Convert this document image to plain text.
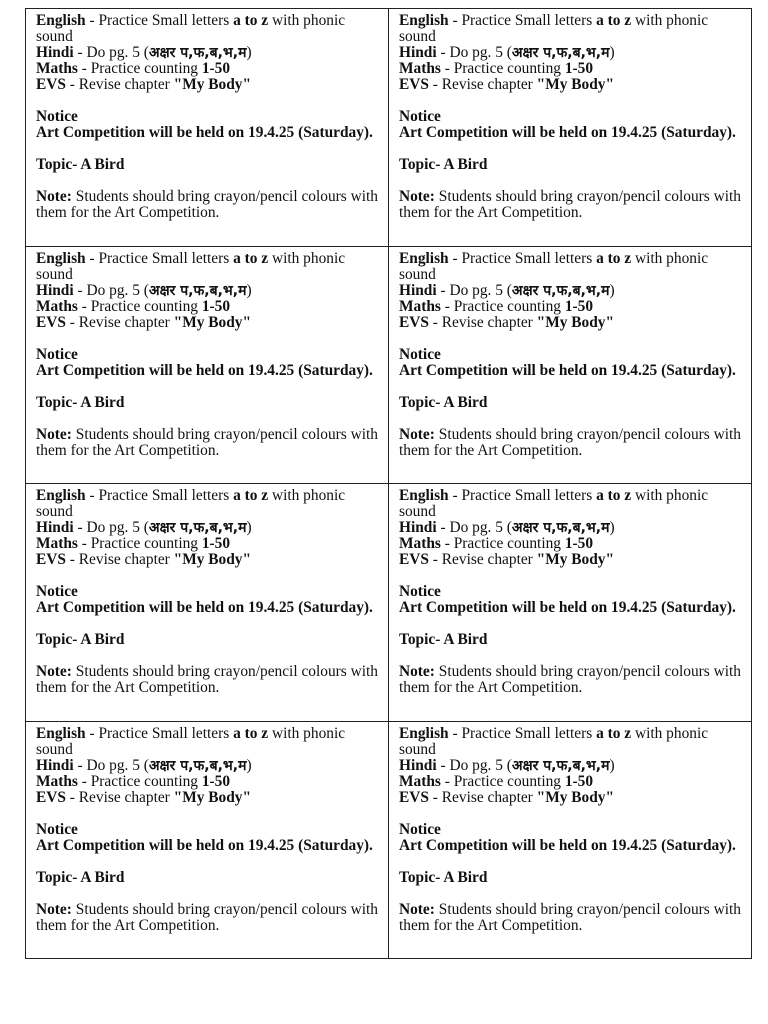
English - Practice Small letters a to z with phonic sound
Hindi - Do pg. 5 (अक्षर प,फ,ब,भ,म)
Maths - Practice counting 1-50
EVS - Revise chapter "My Body"
Notice
Art Competition will be held on 19.4.25 (Saturday).
Topic- A Bird
Note: Students should bring crayon/pencil colours with them for the Art Competition.
English - Practice Small letters a to z with phonic sound
Hindi - Do pg. 5 (अक्षर प,फ,ब,भ,म)
Maths - Practice counting 1-50
EVS - Revise chapter "My Body"
Notice
Art Competition will be held on 19.4.25 (Saturday).
Topic- A Bird
Note: Students should bring crayon/pencil colours with them for the Art Competition.
English - Practice Small letters a to z with phonic sound
Hindi - Do pg. 5 (अक्षर प,फ,ब,भ,म)
Maths - Practice counting 1-50
EVS - Revise chapter "My Body"
Notice
Art Competition will be held on 19.4.25 (Saturday).
Topic- A Bird
Note: Students should bring crayon/pencil colours with them for the Art Competition.
English - Practice Small letters a to z with phonic sound
Hindi - Do pg. 5 (अक्षर प,फ,ब,भ,म)
Maths - Practice counting 1-50
EVS - Revise chapter "My Body"
Notice
Art Competition will be held on 19.4.25 (Saturday).
Topic- A Bird
Note: Students should bring crayon/pencil colours with them for the Art Competition.
English - Practice Small letters a to z with phonic sound
Hindi - Do pg. 5 (अक्षर प,फ,ब,भ,म)
Maths - Practice counting 1-50
EVS - Revise chapter "My Body"
Notice
Art Competition will be held on 19.4.25 (Saturday).
Topic- A Bird
Note: Students should bring crayon/pencil colours with them for the Art Competition.
English - Practice Small letters a to z with phonic sound
Hindi - Do pg. 5 (अक्षर प,फ,ब,भ,म)
Maths - Practice counting 1-50
EVS - Revise chapter "My Body"
Notice
Art Competition will be held on 19.4.25 (Saturday).
Topic- A Bird
Note: Students should bring crayon/pencil colours with them for the Art Competition.
English - Practice Small letters a to z with phonic sound
Hindi - Do pg. 5 (अक्षर प,फ,ब,भ,म)
Maths - Practice counting 1-50
EVS - Revise chapter "My Body"
Notice
Art Competition will be held on 19.4.25 (Saturday).
Topic- A Bird
Note: Students should bring crayon/pencil colours with them for the Art Competition.
English - Practice Small letters a to z with phonic sound
Hindi - Do pg. 5 (अक्षर प,फ,ब,भ,म)
Maths - Practice counting 1-50
EVS - Revise chapter "My Body"
Notice
Art Competition will be held on 19.4.25 (Saturday).
Topic- A Bird
Note: Students should bring crayon/pencil colours with them for the Art Competition.
